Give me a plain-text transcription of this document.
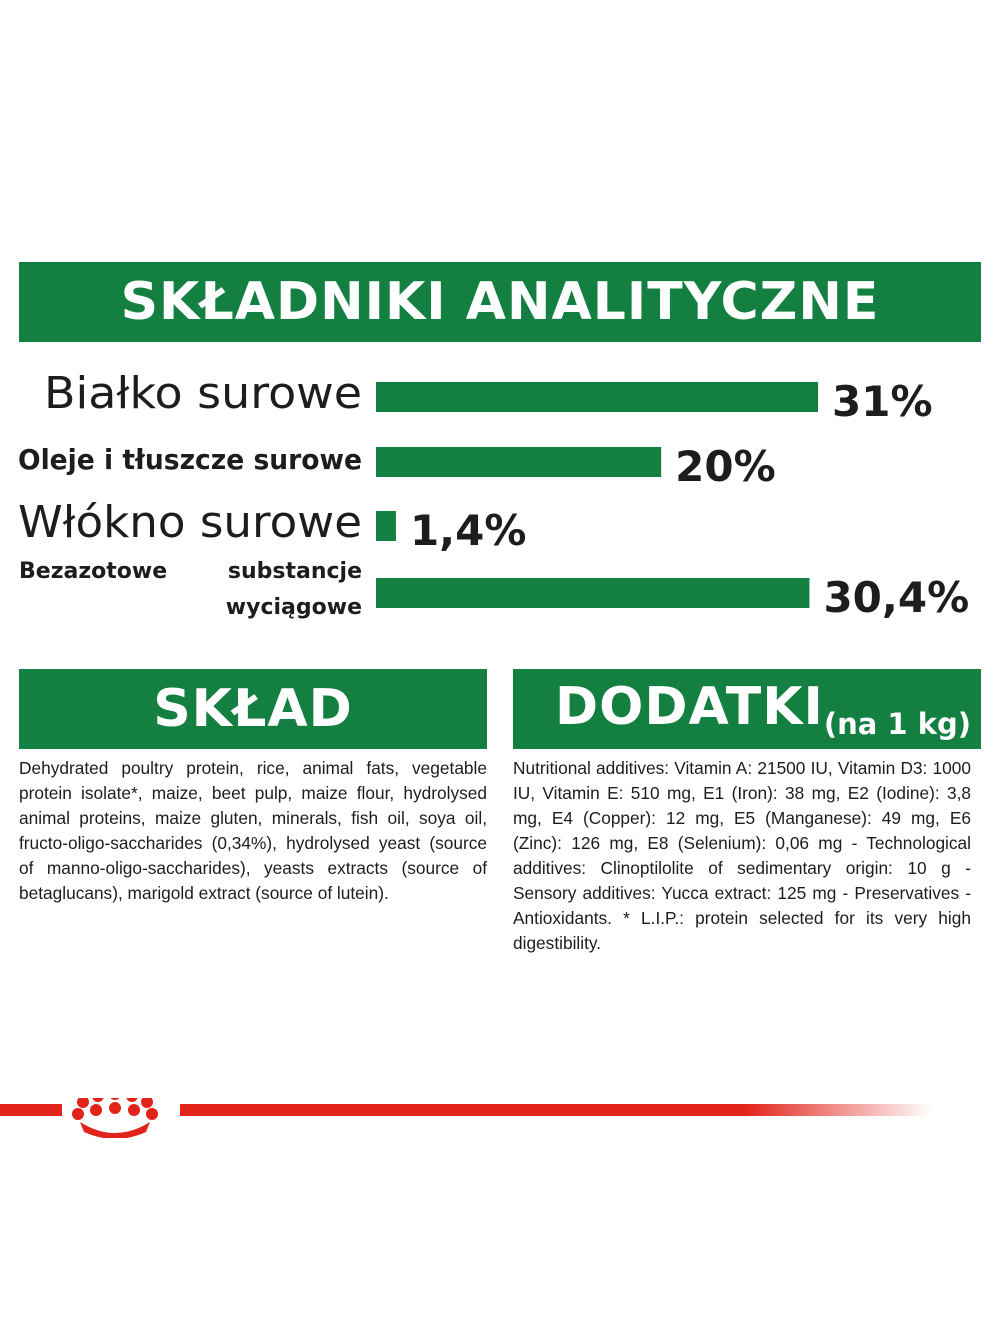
SKŁADNIKI ANALITYCZNE
31%
Białko surowe
20%
Oleje i tłuszcze surowe
1,4%
Włókno surowe
30,4%
Bezazotowe	substancje
wyciągowe
SKŁAD	DODATKI (na 1 kg)
Dehydrated poultry protein, rice, animal fats, vegetable protein isolate*, maize, beet pulp, maize flour, hydrolysed animal proteins, maize gluten, minerals, fish oil, soya oil, fructo-oligo-saccharides (0,34%), hydrolysed yeast (source of manno-oligo-saccharides), yeasts extracts (source of betaglucans), marigold extract (source of lutein).
Nutritional additives: Vitamin A: 21500 IU, Vitamin D3: 1000 IU, Vitamin E: 510 mg, E1 (Iron): 38 mg, E2 (Iodine): 3,8 mg, E4 (Copper): 12 mg, E5 (Manganese): 49 mg, E6 (Zinc): 126 mg, E8 (Selenium): 0,06 mg - Technological additives: Clinoptilolite of sedimentary origin: 10 g - Sensory additives: Yucca extract: 125 mg - Preservatives - Antioxidants. * L.I.P.: protein selected for its very high digestibility.
